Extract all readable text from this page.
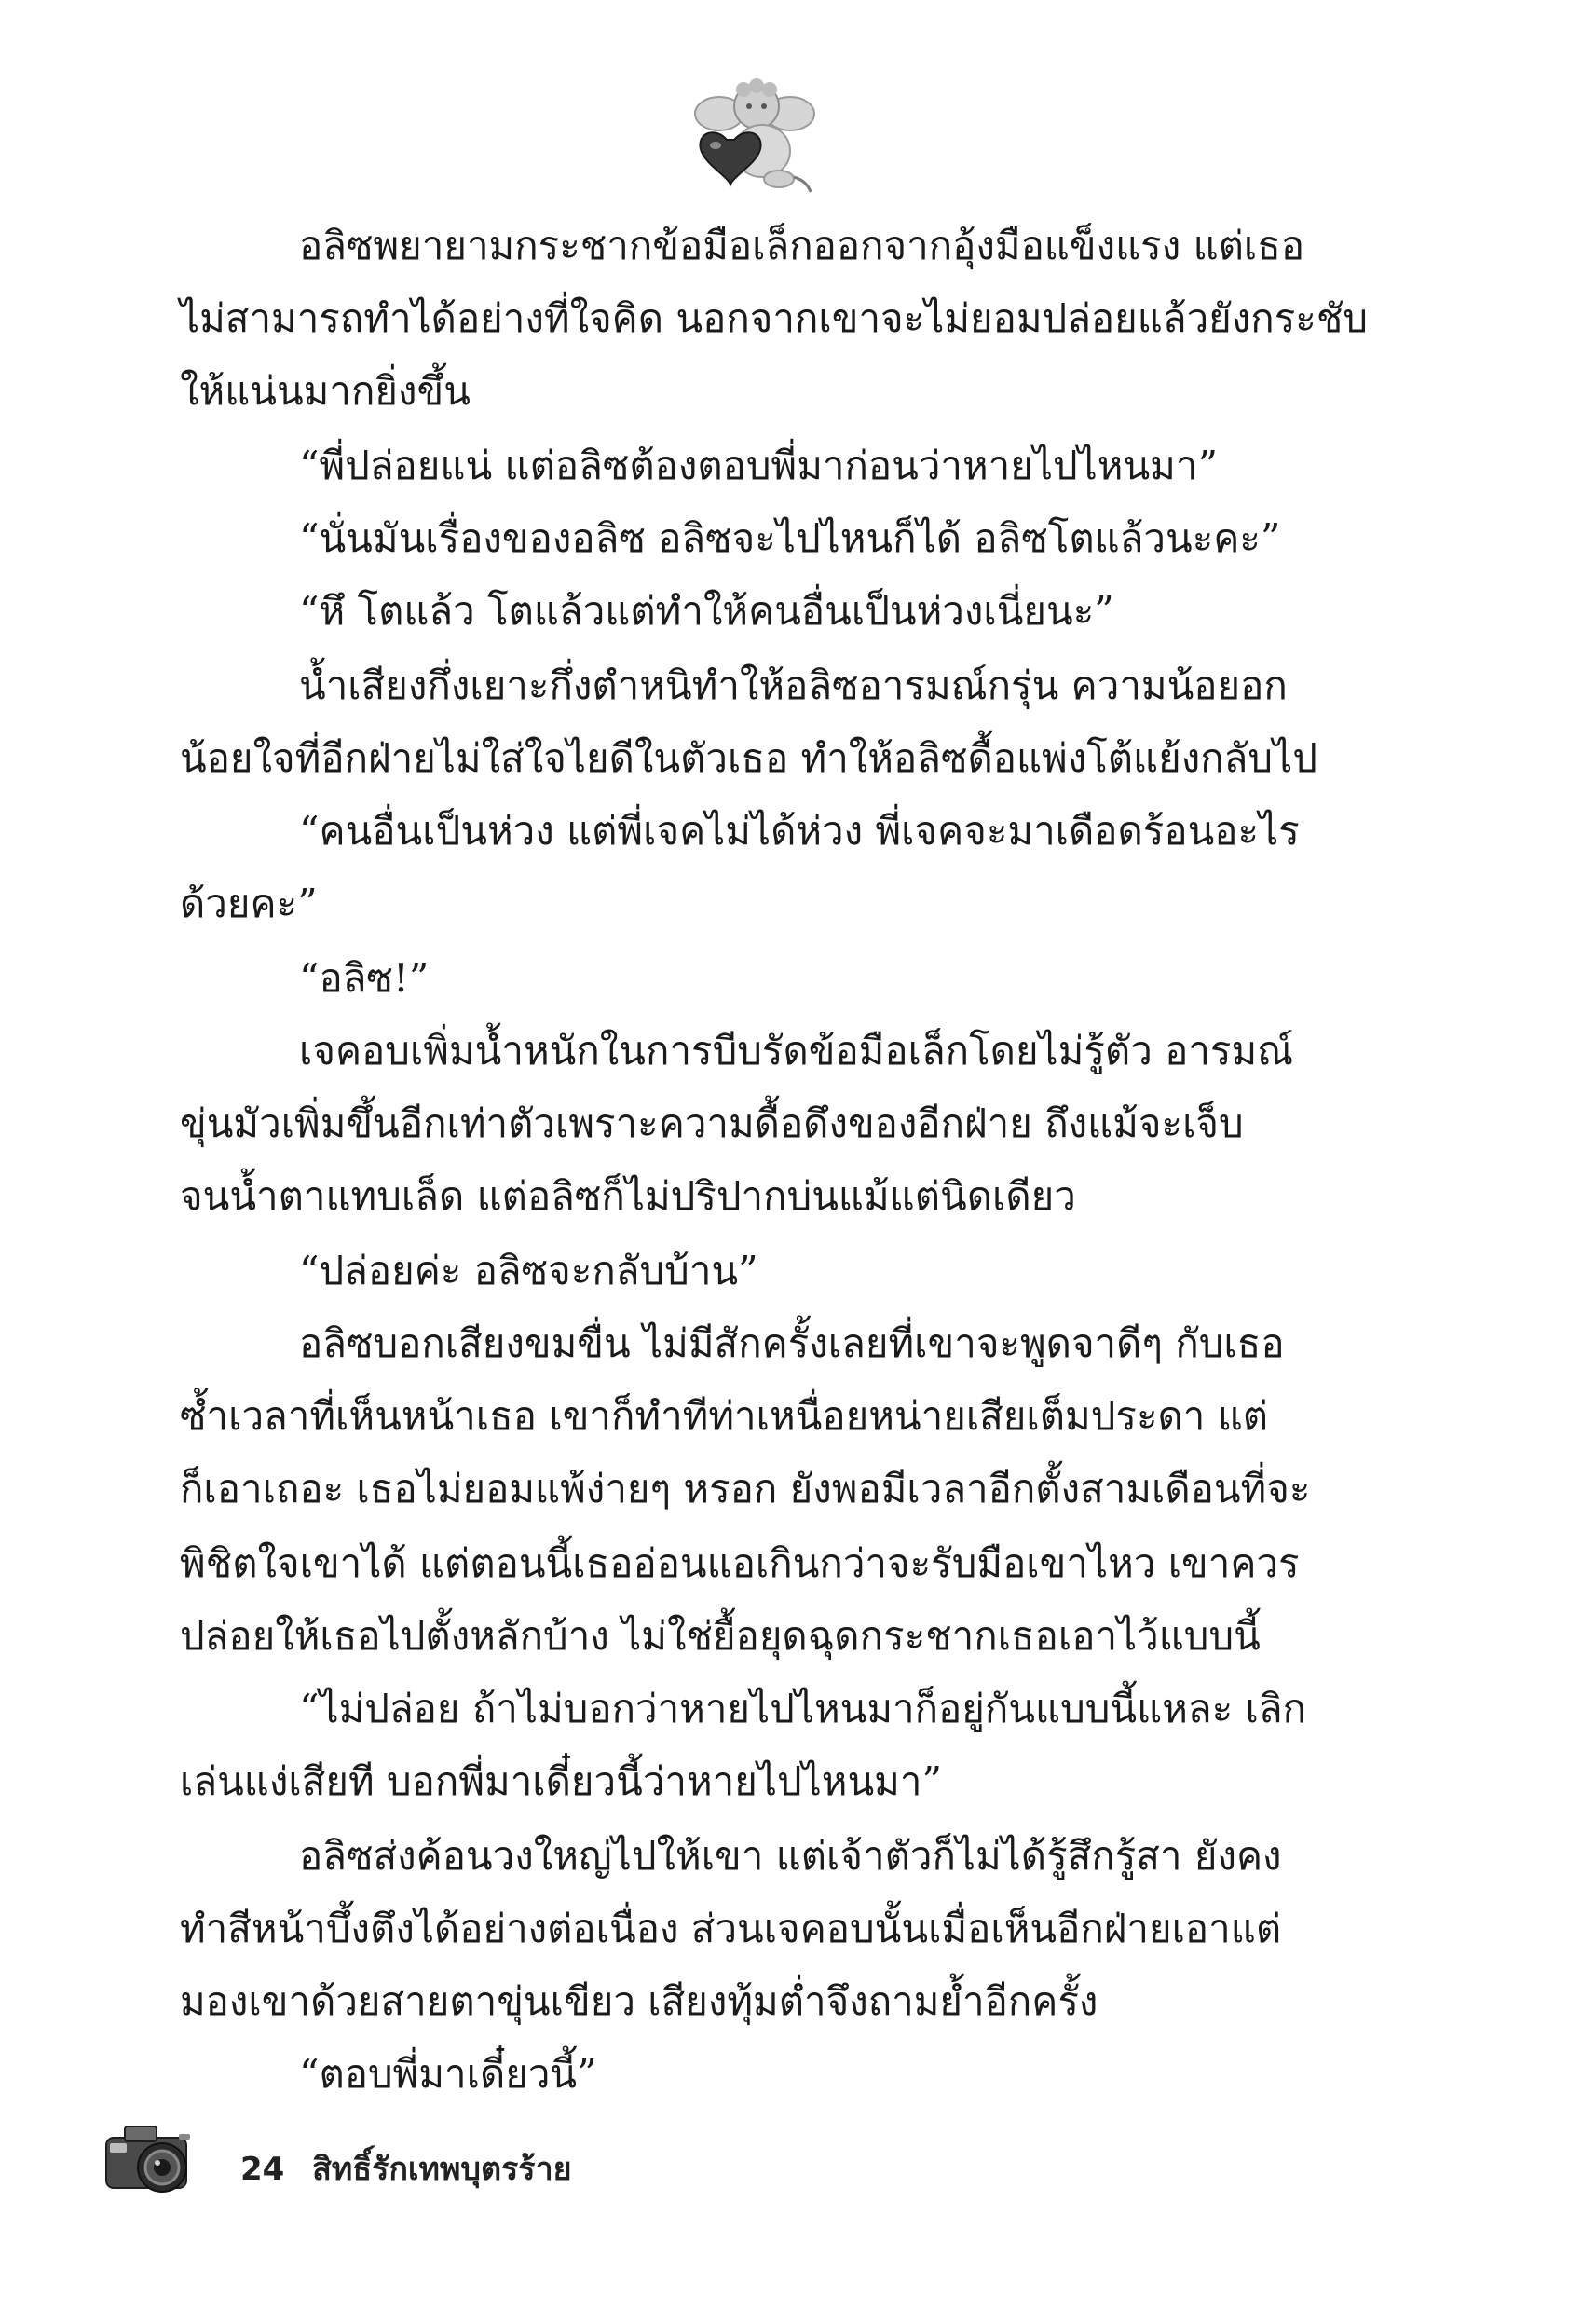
อลิซพยายามกระชากข้อมือเล็กออกจากอุ้งมือแข็งแรง แต่เธอ
ไม่สามารถทำได้อย่างที่ใจคิด นอกจากเขาจะไม่ยอมปล่อยแล้วยังกระชับ
ให้แน่นมากยิ่งขึ้น
“พี่ปล่อยแน่ แต่อลิซต้องตอบพี่มาก่อนว่าหายไปไหนมา”
“นั่นมันเรื่องของอลิซ อลิซจะไปไหนก็ได้ อลิซโตแล้วนะคะ”
“หึ โตแล้ว โตแล้วแต่ทำให้คนอื่นเป็นห่วงเนี่ยนะ”
น้ำเสียงกึ่งเยาะกึ่งตำหนิทำให้อลิซอารมณ์กรุ่น ความน้อยอก
น้อยใจที่อีกฝ่ายไม่ใส่ใจไยดีในตัวเธอ ทำให้อลิซดื้อแพ่งโต้แย้งกลับไป
“คนอื่นเป็นห่วง แต่พี่เจคไม่ได้ห่วง พี่เจคจะมาเดือดร้อนอะไร
ด้วยคะ”
“อลิซ!”
เจคอบเพิ่มน้ำหนักในการบีบรัดข้อมือเล็กโดยไม่รู้ตัว อารมณ์
ขุ่นมัวเพิ่มขึ้นอีกเท่าตัวเพราะความดื้อดึงของอีกฝ่าย ถึงแม้จะเจ็บ
จนน้ำตาแทบเล็ด แต่อลิซก็ไม่ปริปากบ่นแม้แต่นิดเดียว
“ปล่อยค่ะ อลิซจะกลับบ้าน”
อลิซบอกเสียงขมขื่น ไม่มีสักครั้งเลยที่เขาจะพูดจาดีๆ กับเธอ
ซ้ำเวลาที่เห็นหน้าเธอ เขาก็ทำทีท่าเหนื่อยหน่ายเสียเต็มประดา แต่
ก็เอาเถอะ เธอไม่ยอมแพ้ง่ายๆ หรอก ยังพอมีเวลาอีกตั้งสามเดือนที่จะ
พิชิตใจเขาได้ แต่ตอนนี้เธออ่อนแอเกินกว่าจะรับมือเขาไหว เขาควร
ปล่อยให้เธอไปตั้งหลักบ้าง ไม่ใช่ยื้อยุดฉุดกระชากเธอเอาไว้แบบนี้
“ไม่ปล่อย ถ้าไม่บอกว่าหายไปไหนมาก็อยู่กันแบบนี้แหละ เลิก
เล่นแง่เสียที บอกพี่มาเดี๋ยวนี้ว่าหายไปไหนมา”
อลิซส่งค้อนวงใหญ่ไปให้เขา แต่เจ้าตัวก็ไม่ได้รู้สึกรู้สา ยังคง
ทำสีหน้าบึ้งตึงได้อย่างต่อเนื่อง ส่วนเจคอบนั้นเมื่อเห็นอีกฝ่ายเอาแต่
มองเขาด้วยสายตาขุ่นเขียว เสียงทุ้มต่ำจึงถามย้ำอีกครั้ง
“ตอบพี่มาเดี๋ยวนี้”
24 สิทธิ์รักเทพบุตรร้าย
